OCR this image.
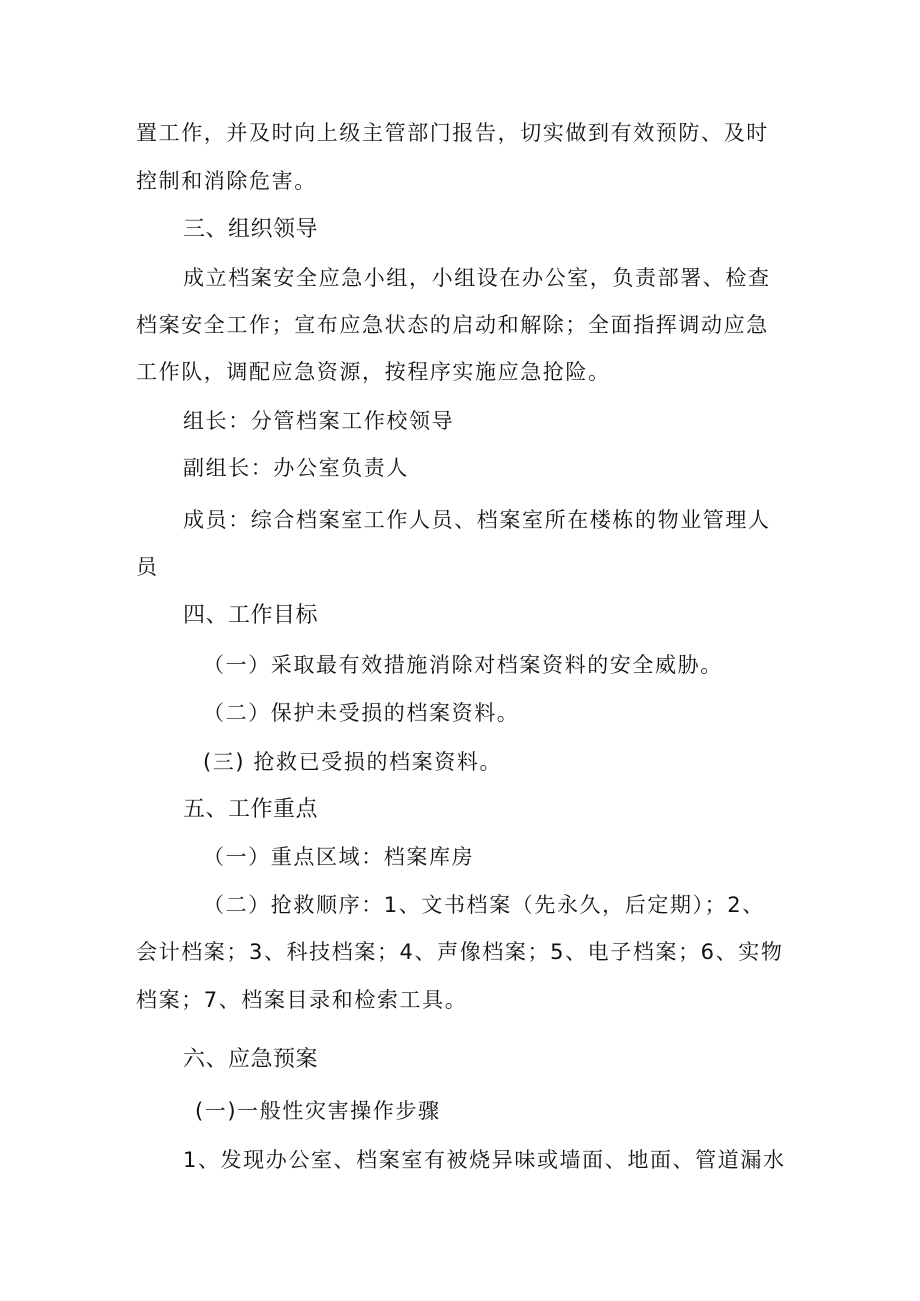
置工作，并及时向上级主管部门报告，切实做到有效预防、及时
控制和消除危害。
三、组织领导
成立档案安全应急小组，小组设在办公室，负责部署、检查
档案安全工作；宣布应急状态的启动和解除；全面指挥调动应急
工作队，调配应急资源，按程序实施应急抢险。
组长：分管档案工作校领导
副组长：办公室负责人
成员：综合档案室工作人员、档案室所在楼栋的物业管理人
员
四、工作目标
（一）采取最有效措施消除对档案资料的安全威胁。
（二）保护未受损的档案资料。
(三) 抢救已受损的档案资料。
五、工作重点
（一）重点区域：档案库房
（二）抢救顺序：1、文书档案（先永久，后定期）；2、
会计档案；3、科技档案；4、声像档案；5、电子档案；6、实物
档案；7、档案目录和检索工具。
六、应急预案
(一)一般性灾害操作步骤
1、发现办公室、档案室有被烧异味或墙面、地面、管道漏水
